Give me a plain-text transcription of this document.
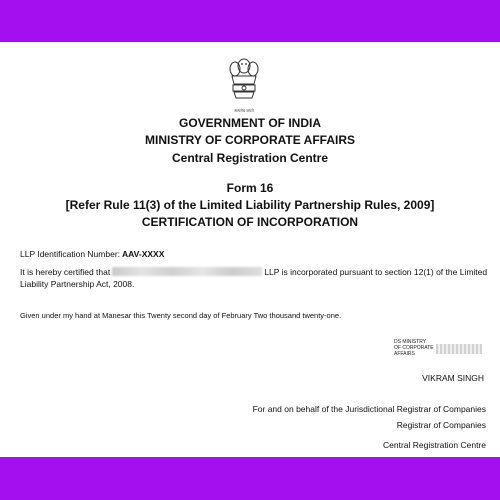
सत्यमेव जयते
GOVERNMENT OF INDIA
MINISTRY OF CORPORATE AFFAIRS
Central Registration Centre
Form 16
[Refer Rule 11(3) of the Limited Liability Partnership Rules, 2009]
CERTIFICATION OF INCORPORATION
LLP Identification Number: AAV-XXXX
It is hereby certified that	LLP is incorporated pursuant to section 12(1) of the Limited Liability Partnership Act, 2008.
Given under my hand at Manesar this Twenty second day of February Two thousand twenty-one.
DS MINISTRY
OF CORPORATE
AFFAIRS
VIKRAM SINGH
For and on behalf of the Jurisdictional Registrar of Companies
Registrar of Companies
Central Registration Centre
